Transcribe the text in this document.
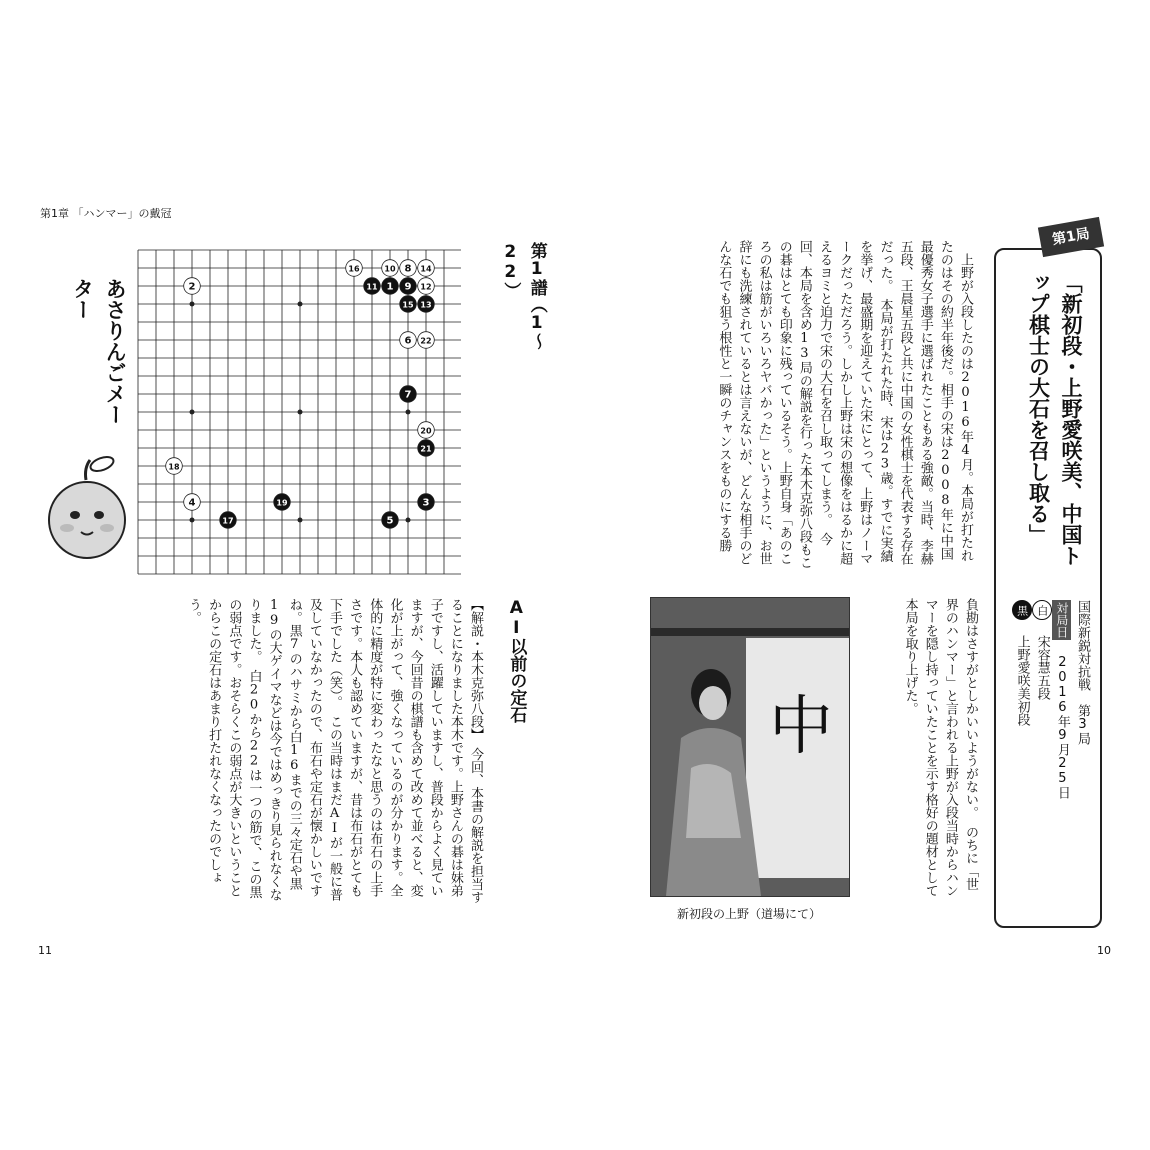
第1章 「ハンマー」の戴冠
1
2
3
4
5
6
7
8
9
10
11	12
13
14
15
16
17
18
19
20
21
22	第1譜（1〜22）
あさりんごメーター
AI以前の定石
【解説・本木克弥八段】　今回、本書の解説を担当することになりました本木です。上野さんの碁は妹弟子ですし、活躍していますし、普段からよく見ていますが、今回昔の棋譜も含めて改めて並べると、変化が上がって、強くなっているのが分かります。全体的に精度が特に変わったなと思うのは布石の上手さです。本人も認めていますが、昔は布石がとても下手でした（笑）。　この当時はまだAIが一般に普及していなかったので、布石や定石が懐かしいですね。黒7のハサミから白16までの三々定石や黒19の大ゲイマなどは今ではめっきり見られなくなりました。　白20から22は一つの筋で、この黒の弱点です。おそらくこの弱点が大きいということからこの定石はあまり打たれなくなったのでしょう。
　上野が入段したのは2016年4月。本局が打たれたのはその約半年後だ。相手の宋は2008年に中国最優秀女子選手に選ばれたこともある強敵。当時、李赫五段、王晨星五段と共に中国の女性棋士を代表する存在だった。　本局が打たれた時、宋は23歳。すでに実績を挙げ、最盛期を迎えていた宋にとって、上野はノーマークだっただろう。しかし上野は宋の想像をはるかに超えるヨミと迫力で宋の大石を召し取ってしまう。　今回、本局を含め13局の解説を行った本木克弥八段もこの碁はとても印象に残っているそう。上野自身「あのころの私は筋がいろいろヤバかった」というように、お世辞にも洗練されているとは言えないが、どんな相手のどんな石でも狙う根性と一瞬のチャンスをものにする勝
中
新初段の上野（道場にて）
負勘はさすがとしかいいようがない。　のちに「世界のハンマー」と言われる上野が入段当時からハンマーを隠し持っていたことを示す格好の題材として本局を取り上げた。
第1局
「新初段・上野愛咲美、中国トップ棋士の大石を召し取る」
国際新鋭対抗戦　第3局
対局日 2016年9月25日
白 宋容慧五段
黒 上野愛咲美初段
11	10
